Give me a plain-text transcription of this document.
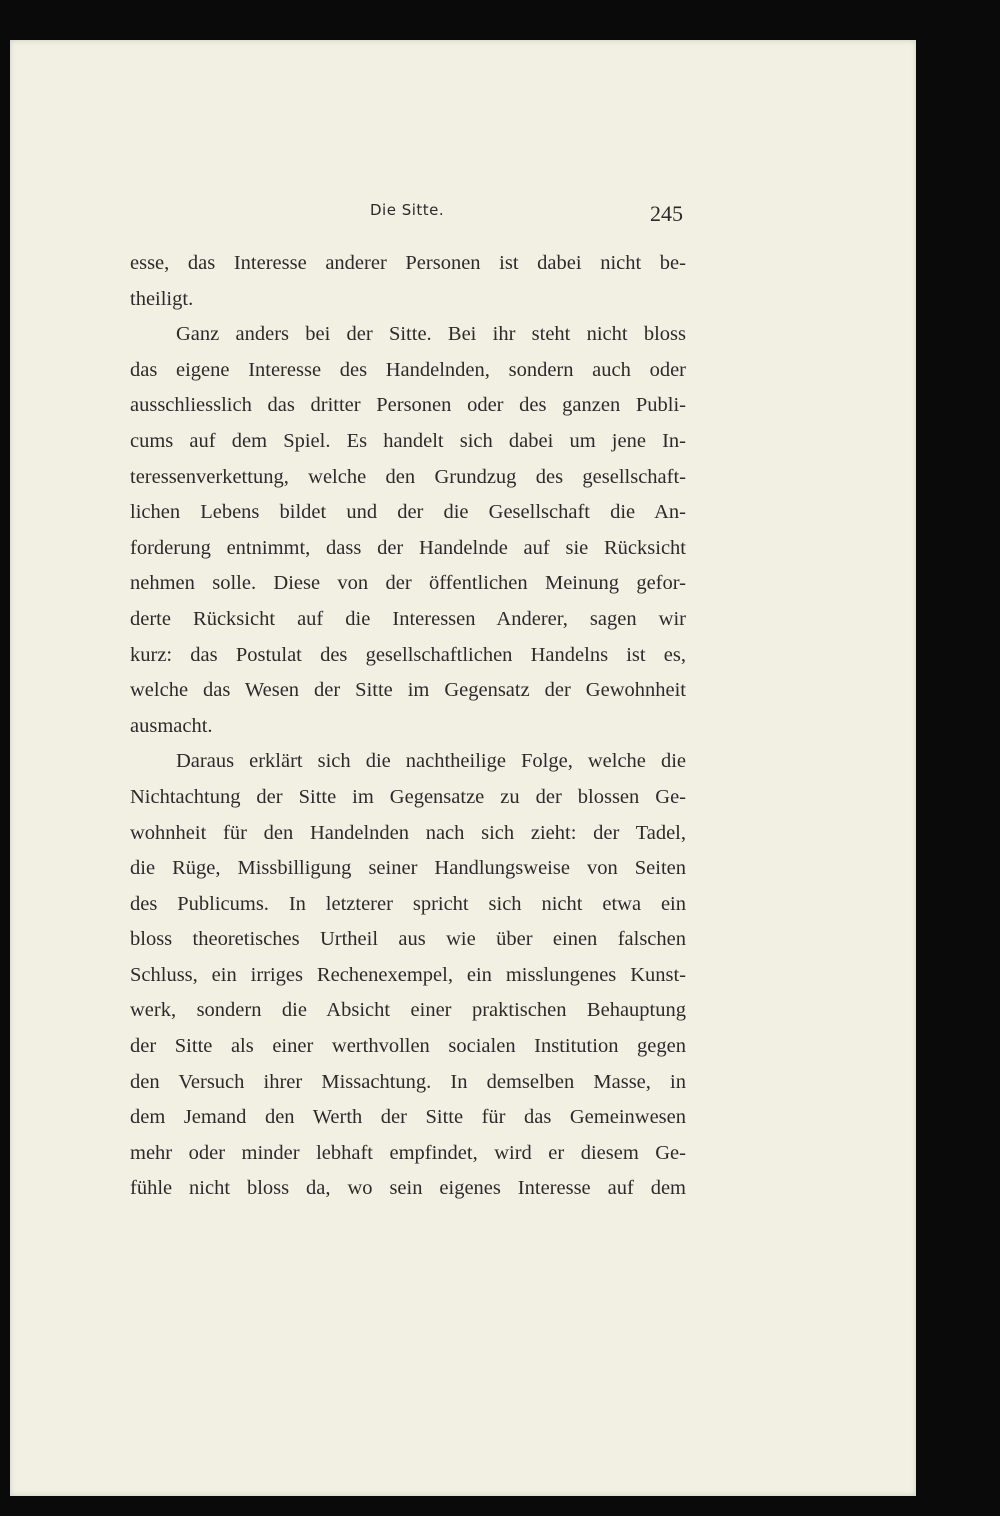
Die Sitte.	245
esse, das Interesse anderer Personen ist dabei nicht be-
theiligt.
Ganz anders bei der Sitte. Bei ihr steht nicht bloss
das eigene Interesse des Handelnden, sondern auch oder
ausschliesslich das dritter Personen oder des ganzen Publi-
cums auf dem Spiel. Es handelt sich dabei um jene In-
teressenverkettung, welche den Grundzug des gesellschaft-
lichen Lebens bildet und der die Gesellschaft die An-
forderung entnimmt, dass der Handelnde auf sie Rücksicht
nehmen solle. Diese von der öffentlichen Meinung gefor-
derte Rücksicht auf die Interessen Anderer, sagen wir
kurz: das Postulat des gesellschaftlichen Handelns ist es,
welche das Wesen der Sitte im Gegensatz der Gewohnheit
ausmacht.
Daraus erklärt sich die nachtheilige Folge, welche die
Nichtachtung der Sitte im Gegensatze zu der blossen Ge-
wohnheit für den Handelnden nach sich zieht: der Tadel,
die Rüge, Missbilligung seiner Handlungsweise von Seiten
des Publicums. In letzterer spricht sich nicht etwa ein
bloss theoretisches Urtheil aus wie über einen falschen
Schluss, ein irriges Rechenexempel, ein misslungenes Kunst-
werk, sondern die Absicht einer praktischen Behauptung
der Sitte als einer werthvollen socialen Institution gegen
den Versuch ihrer Missachtung. In demselben Masse, in
dem Jemand den Werth der Sitte für das Gemeinwesen
mehr oder minder lebhaft empfindet, wird er diesem Ge-
fühle nicht bloss da, wo sein eigenes Interesse auf dem
